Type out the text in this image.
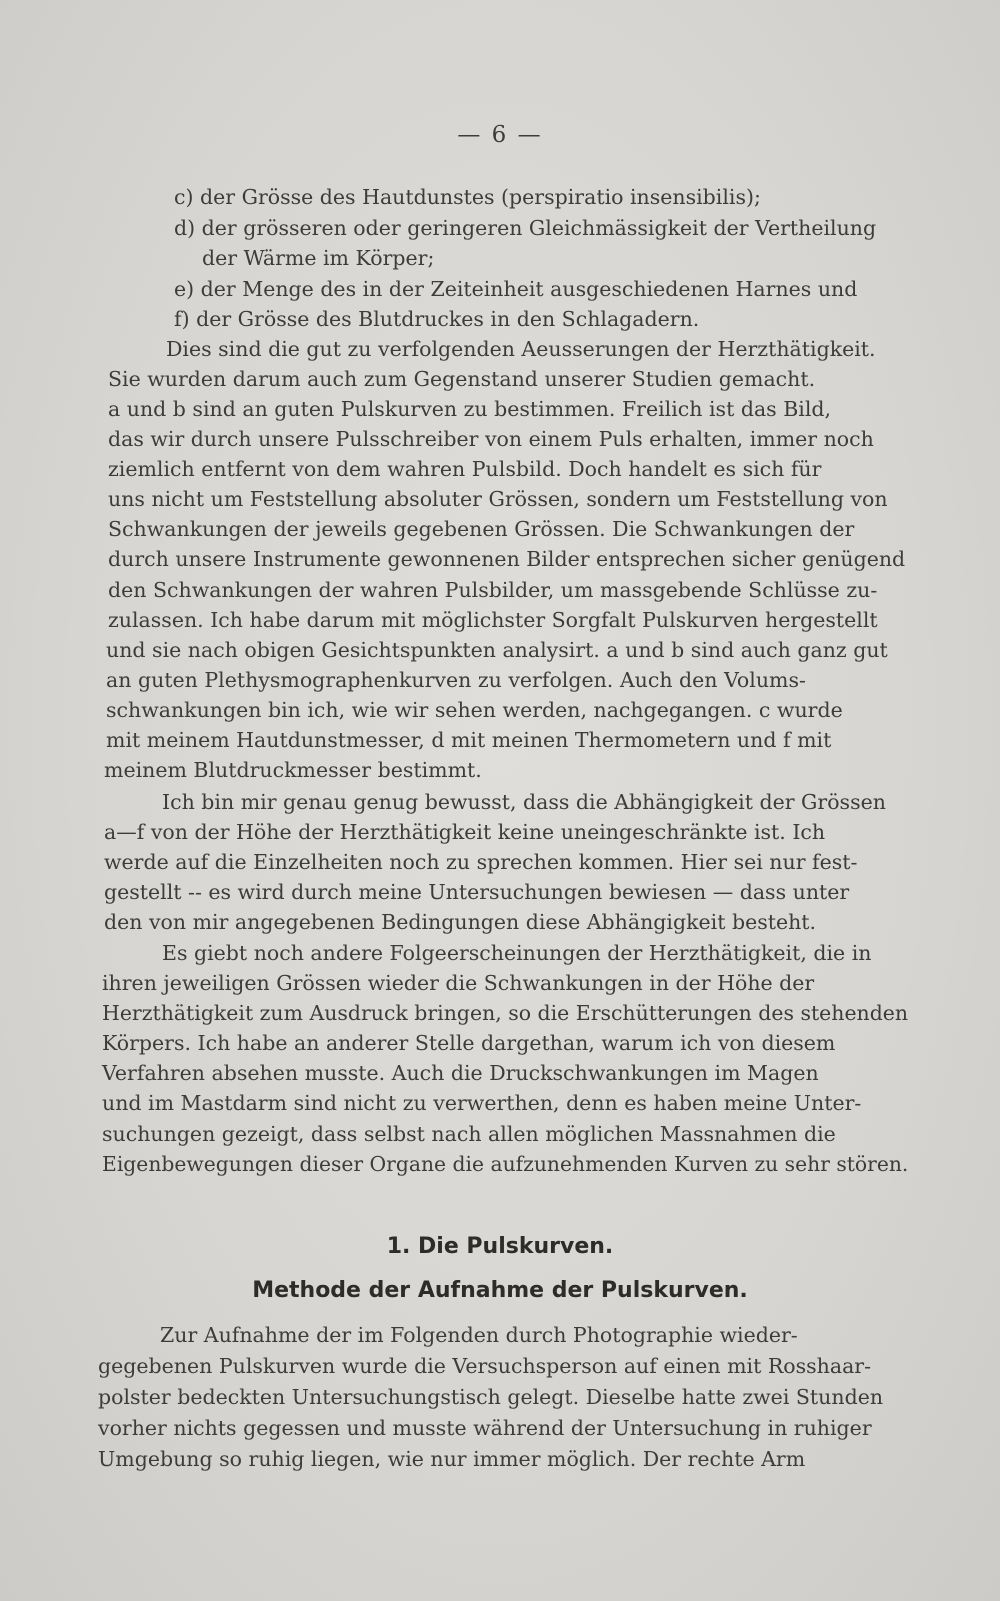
— 6 —
c) der Grösse des Hautdunstes (perspiratio insensibilis);
d) der grösseren oder geringeren Gleichmässigkeit der Vertheilung
der Wärme im Körper;
e) der Menge des in der Zeiteinheit ausgeschiedenen Harnes und
f) der Grösse des Blutdruckes in den Schlagadern.
Dies sind die gut zu verfolgenden Aeusserungen der Herzthätigkeit.
Sie wurden darum auch zum Gegenstand unserer Studien gemacht.
a und b sind an guten Pulskurven zu bestimmen. Freilich ist das Bild,
das wir durch unsere Pulsschreiber von einem Puls erhalten, immer noch
ziemlich entfernt von dem wahren Pulsbild. Doch handelt es sich für
uns nicht um Feststellung absoluter Grössen, sondern um Feststellung von
Schwankungen der jeweils gegebenen Grössen. Die Schwankungen der
durch unsere Instrumente gewonnenen Bilder entsprechen sicher genügend
den Schwankungen der wahren Pulsbilder, um massgebende Schlüsse zu-
zulassen. Ich habe darum mit möglichster Sorgfalt Pulskurven hergestellt
und sie nach obigen Gesichtspunkten analysirt. a und b sind auch ganz gut
an guten Plethysmographenkurven zu verfolgen. Auch den Volums-
schwankungen bin ich, wie wir sehen werden, nachgegangen. c wurde
mit meinem Hautdunstmesser, d mit meinen Thermometern und f mit
meinem Blutdruckmesser bestimmt.
Ich bin mir genau genug bewusst, dass die Abhängigkeit der Grössen
a—f von der Höhe der Herzthätigkeit keine uneingeschränkte ist. Ich
werde auf die Einzelheiten noch zu sprechen kommen. Hier sei nur fest-
gestellt -- es wird durch meine Untersuchungen bewiesen — dass unter
den von mir angegebenen Bedingungen diese Abhängigkeit besteht.
Es giebt noch andere Folgeerscheinungen der Herzthätigkeit, die in
ihren jeweiligen Grössen wieder die Schwankungen in der Höhe der
Herzthätigkeit zum Ausdruck bringen, so die Erschütterungen des stehenden
Körpers. Ich habe an anderer Stelle dargethan, warum ich von diesem
Verfahren absehen musste. Auch die Druckschwankungen im Magen
und im Mastdarm sind nicht zu verwerthen, denn es haben meine Unter-
suchungen gezeigt, dass selbst nach allen möglichen Massnahmen die
Eigenbewegungen dieser Organe die aufzunehmenden Kurven zu sehr stören.
1. Die Pulskurven.
Methode der Aufnahme der Pulskurven.
Zur Aufnahme der im Folgenden durch Photographie wieder-
gegebenen Pulskurven wurde die Versuchsperson auf einen mit Rosshaar-
polster bedeckten Untersuchungstisch gelegt. Dieselbe hatte zwei Stunden
vorher nichts gegessen und musste während der Untersuchung in ruhiger
Umgebung so ruhig liegen, wie nur immer möglich. Der rechte Arm
